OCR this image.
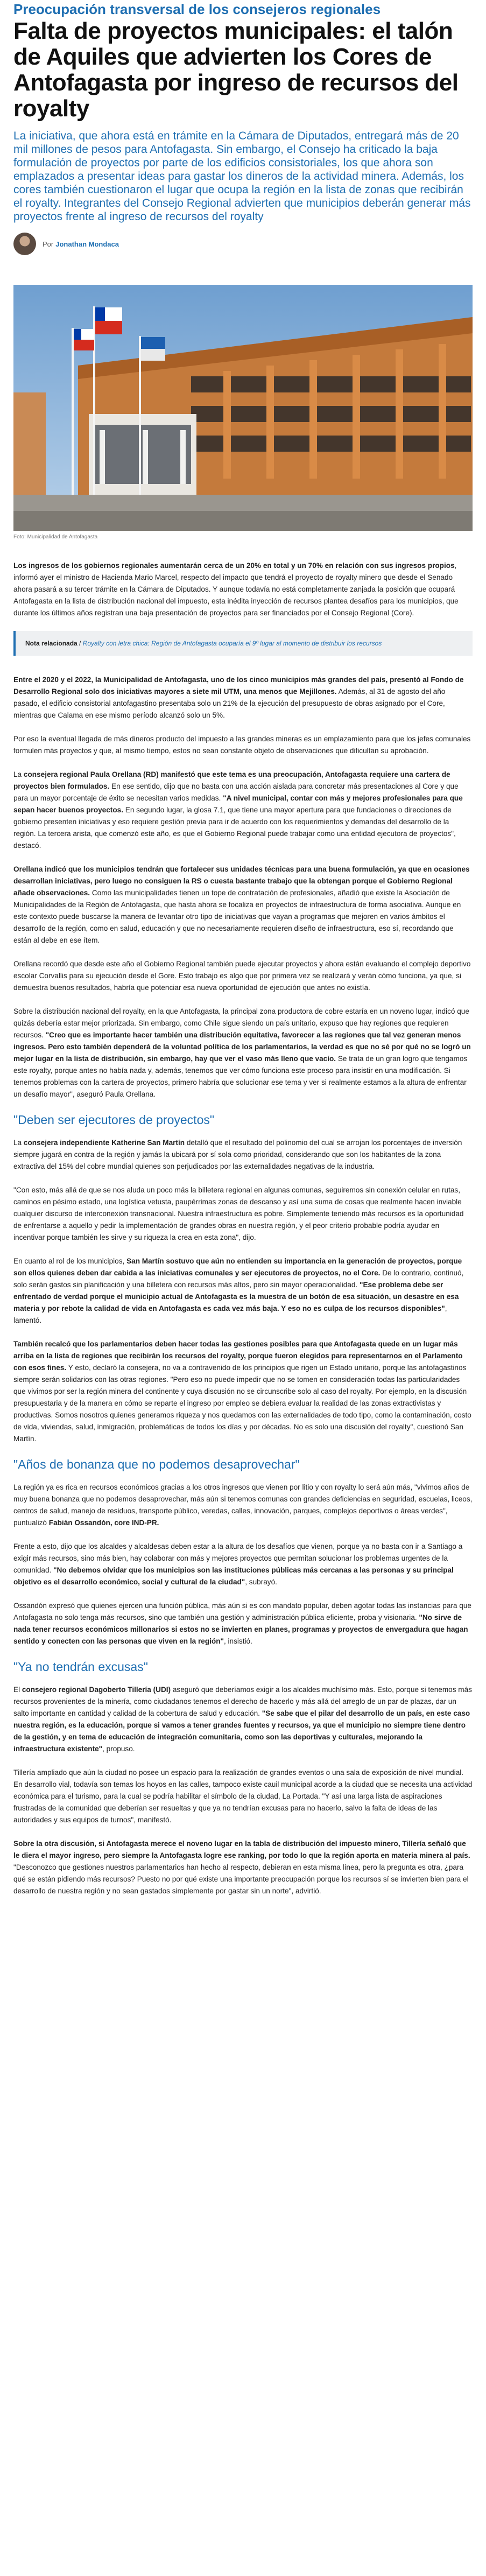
Preocupación transversal de los consejeros regionales
Falta de proyectos municipales: el talón de Aquiles que advierten los Cores de Antofagasta por ingreso de recursos del royalty
La iniciativa, que ahora está en trámite en la Cámara de Diputados, entregará más de 20 mil millones de pesos para Antofagasta. Sin embargo, el Consejo ha criticado la baja formulación de proyectos por parte de los edificios consistoriales, los que ahora son emplazados a presentar ideas para gastar los dineros de la actividad minera. Además, los cores también cuestionaron el lugar que ocupa la región en la lista de zonas que recibirán el royalty. Integrantes del Consejo Regional advierten que municipios deberán generar más proyectos frente al ingreso de recursos del royalty
Por Jonathan Mondaca
Foto: Municipalidad de Antofagasta

Los ingresos de los gobiernos regionales aumentarán cerca de un 20% en total y un 70% en relación con sus ingresos propios, informó ayer el ministro de Hacienda Mario Marcel, respecto del impacto que tendrá el proyecto de royalty minero que desde el Senado ahora pasará a su tercer trámite en la Cámara de Diputados. Y aunque todavía no está completamente zanjada la posición que ocupará Antofagasta en la lista de distribución nacional del impuesto, esta inédita inyección de recursos plantea desafíos para los municipios, que durante los últimos años registran una baja presentación de proyectos para ser financiados por el Consejo Regional (Core).

Nota relacionada / Royalty con letra chica: Región de Antofagasta ocuparía el 9º lugar al momento de distribuir los recursos

Entre el 2020 y el 2022, la Municipalidad de Antofagasta, uno de los cinco municipios más grandes del país, presentó al Fondo de Desarrollo Regional solo dos iniciativas mayores a siete mil UTM, una menos que Mejillones. Además, al 31 de agosto del año pasado, el edificio consistorial antofagastino presentaba solo un 21% de la ejecución del presupuesto de obras asignado por el Core, mientras que Calama en ese mismo período alcanzó solo un 5%.

Por eso la eventual llegada de más dineros producto del impuesto a las grandes mineras es un emplazamiento para que los jefes comunales formulen más proyectos y que, al mismo tiempo, estos no sean constante objeto de observaciones que dificultan su aprobación.

La consejera regional Paula Orellana (RD) manifestó que este tema es una preocupación, Antofagasta requiere una cartera de proyectos bien formulados. En ese sentido, dijo que no basta con una acción aislada para concretar más presentaciones al Core y que para un mayor porcentaje de éxito se necesitan varios medidas. "A nivel municipal, contar con más y mejores profesionales para que sepan hacer buenos proyectos. En segundo lugar, la glosa 7.1, que tiene una mayor apertura para que fundaciones o direcciones de gobierno presenten iniciativas y eso requiere gestión previa para ir de acuerdo con los requerimientos y demandas del desarrollo de la región. La tercera arista, que comenzó este año, es que el Gobierno Regional puede trabajar como una entidad ejecutora de proyectos", destacó.

Orellana indicó que los municipios tendrán que fortalecer sus unidades técnicas para una buena formulación, ya que en ocasiones desarrollan iniciativas, pero luego no consiguen la RS o cuesta bastante trabajo que la obtengan porque el Gobierno Regional añade observaciones. Como las municipalidades tienen un tope de contratación de profesionales, añadió que existe la Asociación de Municipalidades de la Región de Antofagasta, que hasta ahora se focaliza en proyectos de infraestructura de forma asociativa. Aunque en este contexto puede buscarse la manera de levantar otro tipo de iniciativas que vayan a programas que mejoren en varios ámbitos el desarrollo de la región, como en salud, educación y que no necesariamente requieren diseño de infraestructura, eso sí, recordando que están al debe en ese ítem.

Orellana recordó que desde este año el Gobierno Regional también puede ejecutar proyectos y ahora están evaluando el complejo deportivo escolar Corvallis para su ejecución desde el Gore. Esto trabajo es algo que por primera vez se realizará y verán cómo funciona, ya que, si demuestra buenos resultados, habría que potenciar esa nueva oportunidad de ejecución que antes no existía.

Sobre la distribución nacional del royalty, en la que Antofagasta, la principal zona productora de cobre estaría en un noveno lugar, indicó que quizás debería estar mejor priorizada. Sin embargo, como Chile sigue siendo un país unitario, expuso que hay regiones que requieren recursos. "Creo que es importante hacer también una distribución equitativa, favorecer a las regiones que tal vez generan menos ingresos. Pero esto también dependerá de la voluntad política de los parlamentarios, la verdad es que no sé por qué no se logró un mejor lugar en la lista de distribución, sin embargo, hay que ver el vaso más lleno que vacío. Se trata de un gran logro que tengamos este royalty, porque antes no había nada y, además, tenemos que ver cómo funciona este proceso para insistir en una modificación. Si tenemos problemas con la cartera de proyectos, primero habría que solucionar ese tema y ver si realmente estamos a la altura de enfrentar un desafío mayor", aseguró Paula Orellana.

"Deben ser ejecutores de proyectos"

La consejera independiente Katherine San Martín detalló que el resultado del polinomio del cual se arrojan los porcentajes de inversión siempre jugará en contra de la región y jamás la ubicará por sí sola como prioridad, considerando que son los habitantes de la zona extractiva del 15% del cobre mundial quienes son perjudicados por las externalidades negativas de la industria.

"Con esto, más allá de que se nos aluda un poco más la billetera regional en algunas comunas, seguiremos sin conexión celular en rutas, caminos en pésimo estado, una logística vetusta, paupérrimas zonas de descanso y así una suma de cosas que realmente hacen inviable cualquier discurso de interconexión transnacional. Nuestra infraestructura es pobre. Simplemente teniendo más recursos es la oportunidad de enfrentarse a aquello y pedir la implementación de grandes obras en nuestra región, y el peor criterio probable podría ayudar en incentivar porque también les sirve y su riqueza la crea en esta zona", dijo.

En cuanto al rol de los municipios, San Martín sostuvo que aún no entienden su importancia en la generación de proyectos, porque son ellos quienes deben dar cabida a las iniciativas comunales y ser ejecutores de proyectos, no el Core. De lo contrario, continuó, solo serán gastos sin planificación y una billetera con recursos más altos, pero sin mayor operacionalidad. "Ese problema debe ser enfrentado de verdad porque el municipio actual de Antofagasta es la muestra de un botón de esa situación, un desastre en esa materia y por rebote la calidad de vida en Antofagasta es cada vez más baja. Y eso no es culpa de los recursos disponibles", lamentó.

También recalcó que los parlamentarios deben hacer todas las gestiones posibles para que Antofagasta quede en un lugar más arriba en la lista de regiones que recibirán los recursos del royalty, porque fueron elegidos para representarnos en el Parlamento con esos fines. Y esto, declaró la consejera, no va a contravenido de los principios que rigen un Estado unitario, porque las antofagastinos siempre serán solidarios con las otras regiones. "Pero eso no puede impedir que no se tomen en consideración todas las particularidades que vivimos por ser la región minera del continente y cuya discusión no se circunscribe solo al caso del royalty. Por ejemplo, en la discusión presupuestaria y de la manera en cómo se reparte el ingreso por empleo se debiera evaluar la realidad de las zonas extractivistas y productivas. Somos nosotros quienes generamos riqueza y nos quedamos con las externalidades de todo tipo, como la contaminación, costo de vida, viviendas, salud, inmigración, problemáticas de todos los días y por décadas. No es solo una discusión del royalty", cuestionó San Martín.

"Años de bonanza que no podemos desaprovechar"

La región ya es rica en recursos económicos gracias a los otros ingresos que vienen por litio y con royalty lo será aún más, "vivimos años de muy buena bonanza que no podemos desaprovechar, más aún si tenemos comunas con grandes deficiencias en seguridad, escuelas, liceos, centros de salud, manejo de residuos, transporte público, veredas, calles, innovación, parques, complejos deportivos o áreas verdes", puntualizó Fabián Ossandón, core IND-PR.

Frente a esto, dijo que los alcaldes y alcaldesas deben estar a la altura de los desafíos que vienen, porque ya no basta con ir a Santiago a exigir más recursos, sino más bien, hay colaborar con más y mejores proyectos que permitan solucionar los problemas urgentes de la comunidad. "No debemos olvidar que los municipios son las instituciones públicas más cercanas a las personas y su principal objetivo es el desarrollo económico, social y cultural de la ciudad", subrayó.

Ossandón expresó que quienes ejercen una función pública, más aún si es con mandato popular, deben agotar todas las instancias para que Antofagasta no solo tenga más recursos, sino que también una gestión y administración pública eficiente, proba y visionaria. "No sirve de nada tener recursos económicos millonarios si estos no se invierten en planes, programas y proyectos de envergadura que hagan sentido y conecten con las personas que viven en la región", insistió.

"Ya no tendrán excusas"

El consejero regional Dagoberto Tillería (UDI) aseguró que deberíamos exigir a los alcaldes muchísimo más. Esto, porque si tenemos más recursos provenientes de la minería, como ciudadanos tenemos el derecho de hacerlo y más allá del arreglo de un par de plazas, dar un salto importante en cantidad y calidad de la cobertura de salud y educación. "Se sabe que el pilar del desarrollo de un país, en este caso nuestra región, es la educación, porque si vamos a tener grandes fuentes y recursos, ya que el municipio no siempre tiene dentro de la gestión, y en tema de educación de integración comunitaria, como son las deportivas y culturales, mejorando la infraestructura existente", propuso.

Tillería ampliado que aún la ciudad no posee un espacio para la realización de grandes eventos o una sala de exposición de nivel mundial. En desarrollo vial, todavía son temas los hoyos en las calles, tampoco existe cauil municipal acorde a la ciudad que se necesita una actividad económica para el turismo, para la cual se podría habilitar el símbolo de la ciudad, La Portada. "Y así una larga lista de aspiraciones frustradas de la comunidad que deberían ser resueltas y que ya no tendrían excusas para no hacerlo, salvo la falta de ideas de las autoridades y sus equipos de turnos", manifestó.

Sobre la otra discusión, si Antofagasta merece el noveno lugar en la tabla de distribución del impuesto minero, Tillería señaló que le diera el mayor ingreso, pero siempre la Antofagasta logre ese ranking, por todo lo que la región aporta en materia minera al país. "Desconozco que gestiones nuestros parlamentarios han hecho al respecto, debieran en esta misma línea, pero la pregunta es otra, ¿para qué se están pidiendo más recursos? Puesto no por qué existe una importante preocupación porque los recursos sí se invierten bien para el desarrollo de nuestra región y no sean gastados simplemente por gastar sin un norte", advirtió.
